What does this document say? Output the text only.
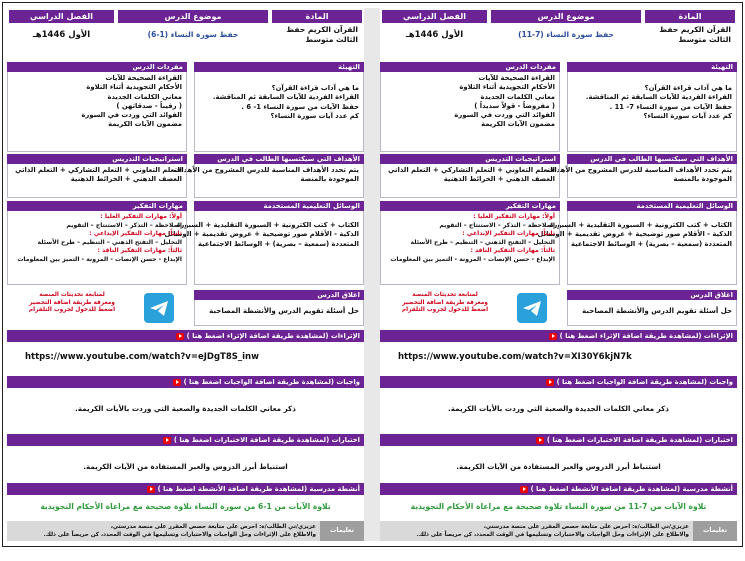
المادة
موضوع الدرس
الفصل الدراسي
القرآن الكريم حفظ الثالث متوسط
حفظ سورة النساء (1-6)
الأول 1446هـ
التهيئة
ما هي آداب قراءة القرآن؟
القراءة الفردية للآيات السابقة ثم المناقشة.
حفظ الآيات من سورة النساء 1- 6 .
كم عدد آيات سورة النساء؟
مفردات الدرس
القراءة الصحيحة للآيات
الأحكام التجويدية أثناء التلاوة
معاني الكلمات الجديدة
( رقيباً - صدقاتهن )
الفوائد التي وردت في السورة
مضمون الآيات الكريمة
الأهداف التي سيكتسبها الطالب في الدرس
يتم تحدد الأهداف المناسبة للدرس المشروح من الأهداف
الموجودة بالمنصة
استراتيجيات التدريس
التعلم التعاوني + التعلم التشاركي + التعلم الذاتي
العصف الذهني + الخرائط الذهنية
الوسائل التعليمية المستخدمة
الكتاب + كتب الكترونية + السبورة التقليدية + السبورة
الذكية - الأقلام صور توضيحية + عروض تقديمية + الوسائل
المتعددة (سمعية – بصرية) + الوسائط الاجتماعية
مهارات التفكير
أولاً: مهارات التفكير العليا :
الملاحظة – التذكر – الاستنتاج – التقويم
ثانياً: مهارات التفكير الإبداعي :
التحليل – التفتح الذهني – التنظيم – طرح الأسئلة
ثالثاً: مهارات التفكير الناقد :
الإبداع - حسن الإنصات - المرونة - التميز بين المعلومات
اغلاق الدرس
حل أسئلة تقويم الدرس والأنشطة المصاحبة
لمتابعة تحديثات المنصة
ومعرفة طريقة اضافة التحضير
اضغط للدخول لجروب التلقرام
الإثراءات (لمشاهدة طريقة اضافة الإثراء اضغط هنا )
https://www.youtube.com/watch?v=eJDgT8S_inw
واجبات (لمشاهدة طريقة اضافة الواجبات اضغط هنا )
ذكر معاني الكلمات الجديدة والصعبة التي وردت بالأيات الكريمة.
اختبارات (لمشاهدة طريقة اضافة الاختبارات اضغط هنا )
استنباط أبرز الدروس والعبر المستفادة من الآيات الكريمة.
أنشطة مدرسية (لمشاهدة طريقة اضافة الأنشطة اضغط هنا )
تلاوة الآيات من 1-6 من سورة النساء تلاوة صحيحة مع مراعاة الأحكام التجويدية
تعليمات المعلم/ة
عزيزي/تي الطالب/ة: احرص على متابعة حصص المقرر على منصة مدرستي،
والاطلاع على الإثراءات وحل الواجبات والاختبارات وتسليمها في الوقت المحدد، كن حريصاً على ذلك.
المادة
موضوع الدرس
الفصل الدراسي
القرآن الكريم حفظ الثالث متوسط
حفظ سورة النساء (7-11)
الأول 1446هـ
التهيئة
ما هي آداب قراءة القرآن؟
القراءة الفردية للآيات السابقة ثم المناقشة.
حفظ الآيات من سورة النساء 7- 11 .
كم عدد آيات سورة النساء؟
مفردات الدرس
القراءة الصحيحة للآيات
الأحكام التجويدية أثناء التلاوة
معاني الكلمات الجديدة
( مفروضاً - قولاً سديداً )
الفوائد التي وردت في السورة
مضمون الآيات الكريمة
الأهداف التي سيكتسبها الطالب في الدرس
يتم تحدد الأهداف المناسبة للدرس المشروح من الأهداف
الموجودة بالمنصة
استراتيجيات التدريس
التعلم التعاوني + التعلم التشاركي + التعلم الذاتي
العصف الذهني + الخرائط الذهنية
الوسائل التعليمية المستخدمة
الكتاب + كتب الكترونية + السبورة التقليدية + السبورة
الذكية - الأقلام صور توضيحية + عروض تقديمية + الوسائل
المتعددة (سمعية – بصرية) + الوسائط الاجتماعية
مهارات التفكير
أولاً: مهارات التفكير العليا :
الملاحظة – التذكر – الاستنتاج – التقويم
ثانياً: مهارات التفكير الإبداعي :
التحليل – التفتح الذهني – التنظيم – طرح الأسئلة
ثالثاً: مهارات التفكير الناقد :
الإبداع - حسن الإنصات - المرونة - التميز بين المعلومات
اغلاق الدرس
حل أسئلة تقويم الدرس والأنشطة المصاحبة
لمتابعة تحديثات المنصة
ومعرفة طريقة اضافة التحضير
اضغط للدخول لجروب التلقرام
الإثراءات (لمشاهدة طريقة اضافة الإثراء اضغط هنا )
https://www.youtube.com/watch?v=XI30Y6kjN7k
واجبات (لمشاهدة طريقة اضافة الواجبات اضغط هنا )
ذكر معاني الكلمات الجديدة والصعبة التي وردت بالأيات الكريمة.
اختبارات (لمشاهدة طريقة اضافة الاختبارات اضغط هنا )
استنباط أبرز الدروس والعبر المستفادة من الآيات الكريمة.
أنشطة مدرسية (لمشاهدة طريقة اضافة الأنشطة اضغط هنا )
تلاوة الآيات من 7-11 من سورة النساء تلاوة صحيحة مع مراعاة الأحكام التجويدية
تعليمات المعلم/ة
عزيزي/تي الطالب/ة: احرص على متابعة حصص المقرر على منصة مدرستي،
والاطلاع على الإثراءات وحل الواجبات والاختبارات وتسليمها في الوقت المحدد، كن حريصاً على ذلك.
